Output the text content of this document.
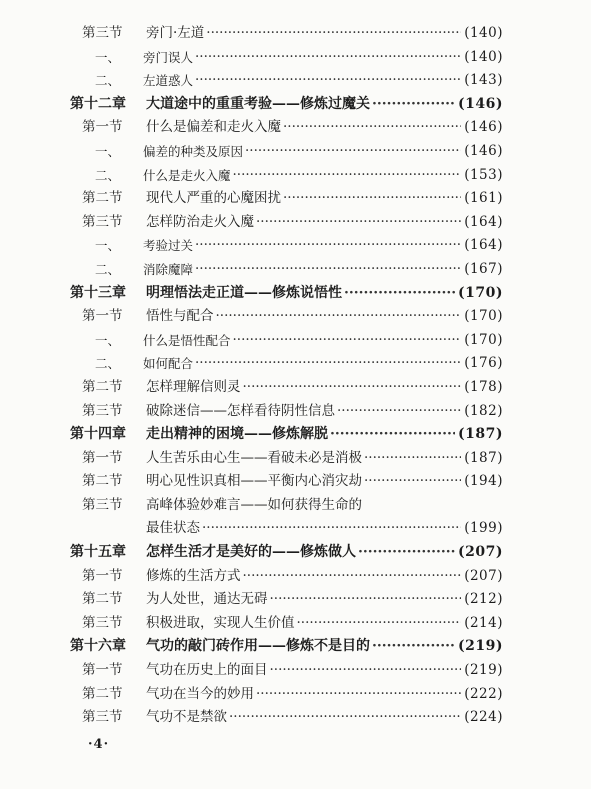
第三节 旁门·左道 ·····	(140)
一、 旁门误人 ·····	(140)
二、 左道惑人 ·····	(143)
第十二章 大道途中的重重考验——修炼过魔关 ·····	(146)
第一节 什么是偏差和走火入魔 ·····	(146)
一、 偏差的种类及原因 ·····	(146)
二、 什么是走火入魔 ·····	(153)
第二节 现代人严重的心魔困扰 ·····	(161)
第三节 怎样防治走火入魔 ·····	(164)
一、 考验过关 ·····	(164)
二、 消除魔障 ·····	(167)
第十三章 明理悟法走正道——修炼说悟性 ·····	(170)
第一节 悟性与配合 ·····	(170)
一、 什么是悟性配合 ·····	(170)
二、 如何配合 ·····	(176)
第二节 怎样理解信则灵 ·····	(178)
第三节 破除迷信——怎样看待阴性信息 ·····	(182)
第十四章 走出精神的困境——修炼解脱 ·····	(187)
第一节 人生苦乐由心生——看破未必是消极 ·····	(187)
第二节 明心见性识真相——平衡内心消灾劫 ·····	(194)
第三节 高峰体验妙难言——如何获得生命的
最佳状态 ·····	(199)
第十五章 怎样生活才是美好的——修炼做人 ·····	(207)
第一节 修炼的生活方式 ·····	(207)
第二节 为人处世，通达无碍 ·····	(212)
第三节 积极进取，实现人生价值 ·····	(214)
第十六章 气功的敲门砖作用——修炼不是目的 ·····	(219)
第一节 气功在历史上的面目 ·····	(219)
第二节 气功在当今的妙用 ·····	(222)
第三节 气功不是禁欲 ·····	(224)
·4·
